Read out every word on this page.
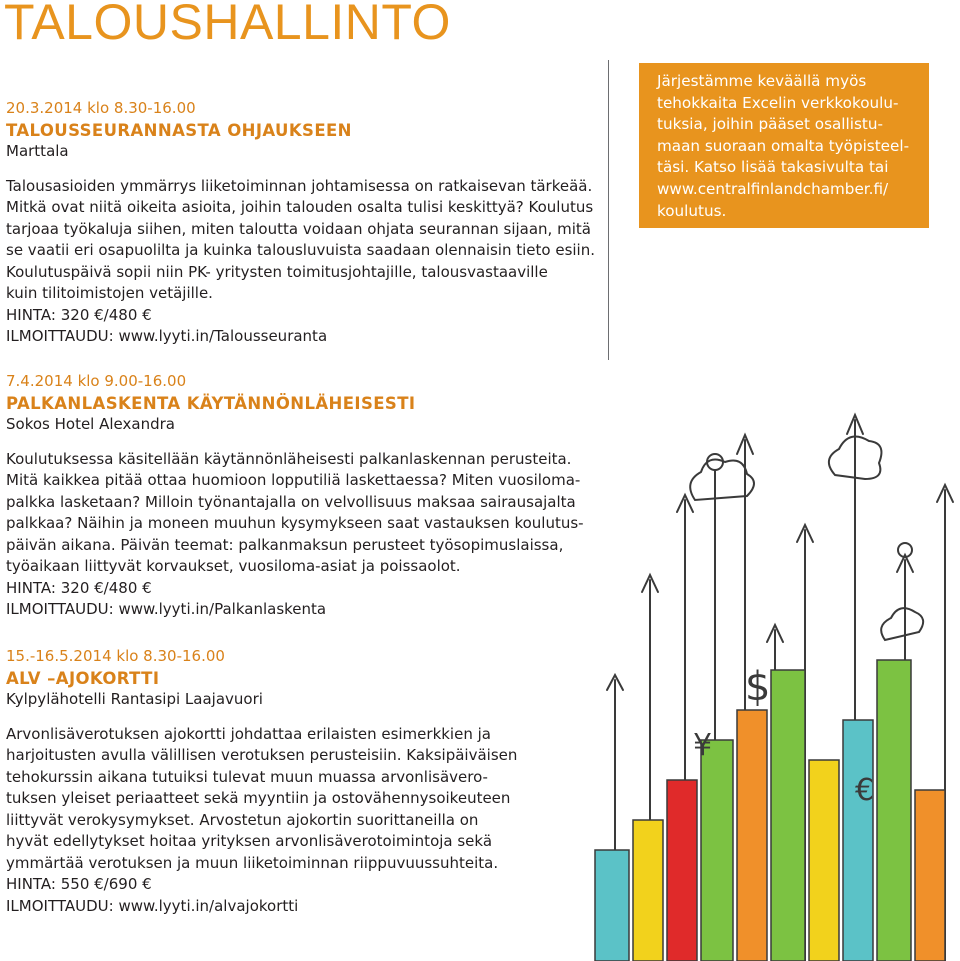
TALOUSHALLINTO
20.3.2014 klo 8.30-16.00
TALOUSSEURANNASTA OHJAUKSEEN
Marttala
Talousasioiden ymmärrys liiketoiminnan johtamisessa on ratkaisevan tärkeää.
Mitkä ovat niitä oikeita asioita, joihin talouden osalta tulisi keskittyä? Koulutus
tarjoaa työkaluja siihen, miten taloutta voidaan ohjata seurannan sijaan, mitä
se vaatii eri osapuolilta ja kuinka talousluvuista saadaan olennaisin tieto esiin.
Koulutuspäivä sopii niin PK- yritysten toimitusjohtajille, talousvastaaville
kuin tilitoimistojen vetäjille.
HINTA: 320 €/480 €
ILMOITTAUDU: www.lyyti.in/Talousseuranta
7.4.2014 klo 9.00-16.00
PALKANLASKENTA KÄYTÄNNÖNLÄHEISESTI
Sokos Hotel Alexandra
Koulutuksessa käsitellään käytännönläheisesti palkanlaskennan perusteita.
Mitä kaikkea pitää ottaa huomioon lopputiliä laskettaessa? Miten vuosiloma-
palkka lasketaan? Milloin työnantajalla on velvollisuus maksaa sairausajalta
palkkaa? Näihin ja moneen muuhun kysymykseen saat vastauksen koulutus-
päivän aikana. Päivän teemat: palkanmaksun perusteet työsopimuslaissa,
työaikaan liittyvät korvaukset, vuosiloma-asiat ja poissaolot.
HINTA: 320 €/480 €
ILMOITTAUDU: www.lyyti.in/Palkanlaskenta
15.-16.5.2014 klo 8.30-16.00
ALV –AJOKORTTI
Kylpylähotelli Rantasipi Laajavuori
Arvonlisäverotuksen ajokortti johdattaa erilaisten esimerkkien ja
harjoitusten avulla välillisen verotuksen perusteisiin. Kaksipäiväisen
tehokurssin aikana tutuiksi tulevat muun muassa arvonlisävero-
tuksen yleiset periaatteet sekä myyntiin ja ostovähennysoikeuteen
liittyvät verokysymykset. Arvostetun ajokortin suorittaneilla on
hyvät edellytykset hoitaa yrityksen arvonlisäverotoimintoja sekä
ymmärtää verotuksen ja muun liiketoiminnan riippuvuussuhteita.
HINTA: 550 €/690 €
ILMOITTAUDU: www.lyyti.in/alvajokortti
Järjestämme keväällä myös
tehokkaita Excelin verkkokoulu-
tuksia, joihin pääset osallistu-
maan suoraan omalta työpisteel-
täsi. Katso lisää takasivulta tai
www.centralfinlandchamber.fi/
koulutus.
$
¥
€
